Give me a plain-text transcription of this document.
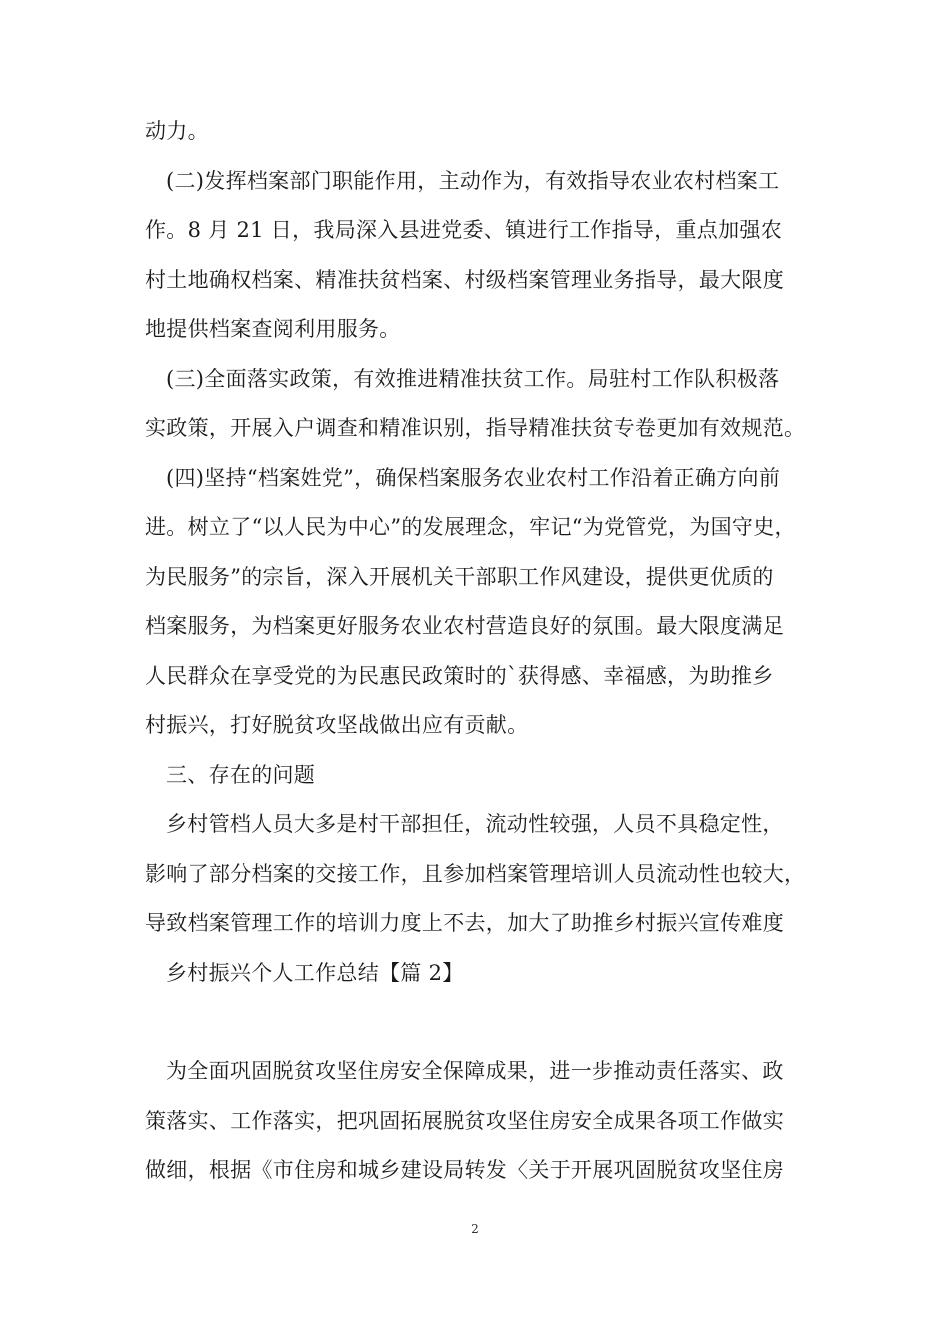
动力。
(二)发挥档案部门职能作用，主动作为，有效指导农业农村档案工
作。8 月 21 日，我局深入县进党委、镇进行工作指导，重点加强农
村土地确权档案、精准扶贫档案、村级档案管理业务指导，最大限度
地提供档案查阅利用服务。
(三)全面落实政策，有效推进精准扶贫工作。局驻村工作队积极落
实政策，开展入户调查和精准识别，指导精准扶贫专卷更加有效规范。
(四)坚持“档案姓党”，确保档案服务农业农村工作沿着正确方向前
进。树立了“以人民为中心”的发展理念，牢记“为党管党，为国守史，
为民服务”的宗旨，深入开展机关干部职工作风建设，提供更优质的
档案服务，为档案更好服务农业农村营造良好的氛围。最大限度满足
人民群众在享受党的为民惠民政策时的`获得感、幸福感，为助推乡
村振兴，打好脱贫攻坚战做出应有贡献。
三、存在的问题
乡村管档人员大多是村干部担任，流动性较强，人员不具稳定性，
影响了部分档案的交接工作，且参加档案管理培训人员流动性也较大，
导致档案管理工作的培训力度上不去，加大了助推乡村振兴宣传难度
乡村振兴个人工作总结【篇 2】
为全面巩固脱贫攻坚住房安全保障成果，进一步推动责任落实、政
策落实、工作落实，把巩固拓展脱贫攻坚住房安全成果各项工作做实
做细，根据《市住房和城乡建设局转发〈关于开展巩固脱贫攻坚住房
2
